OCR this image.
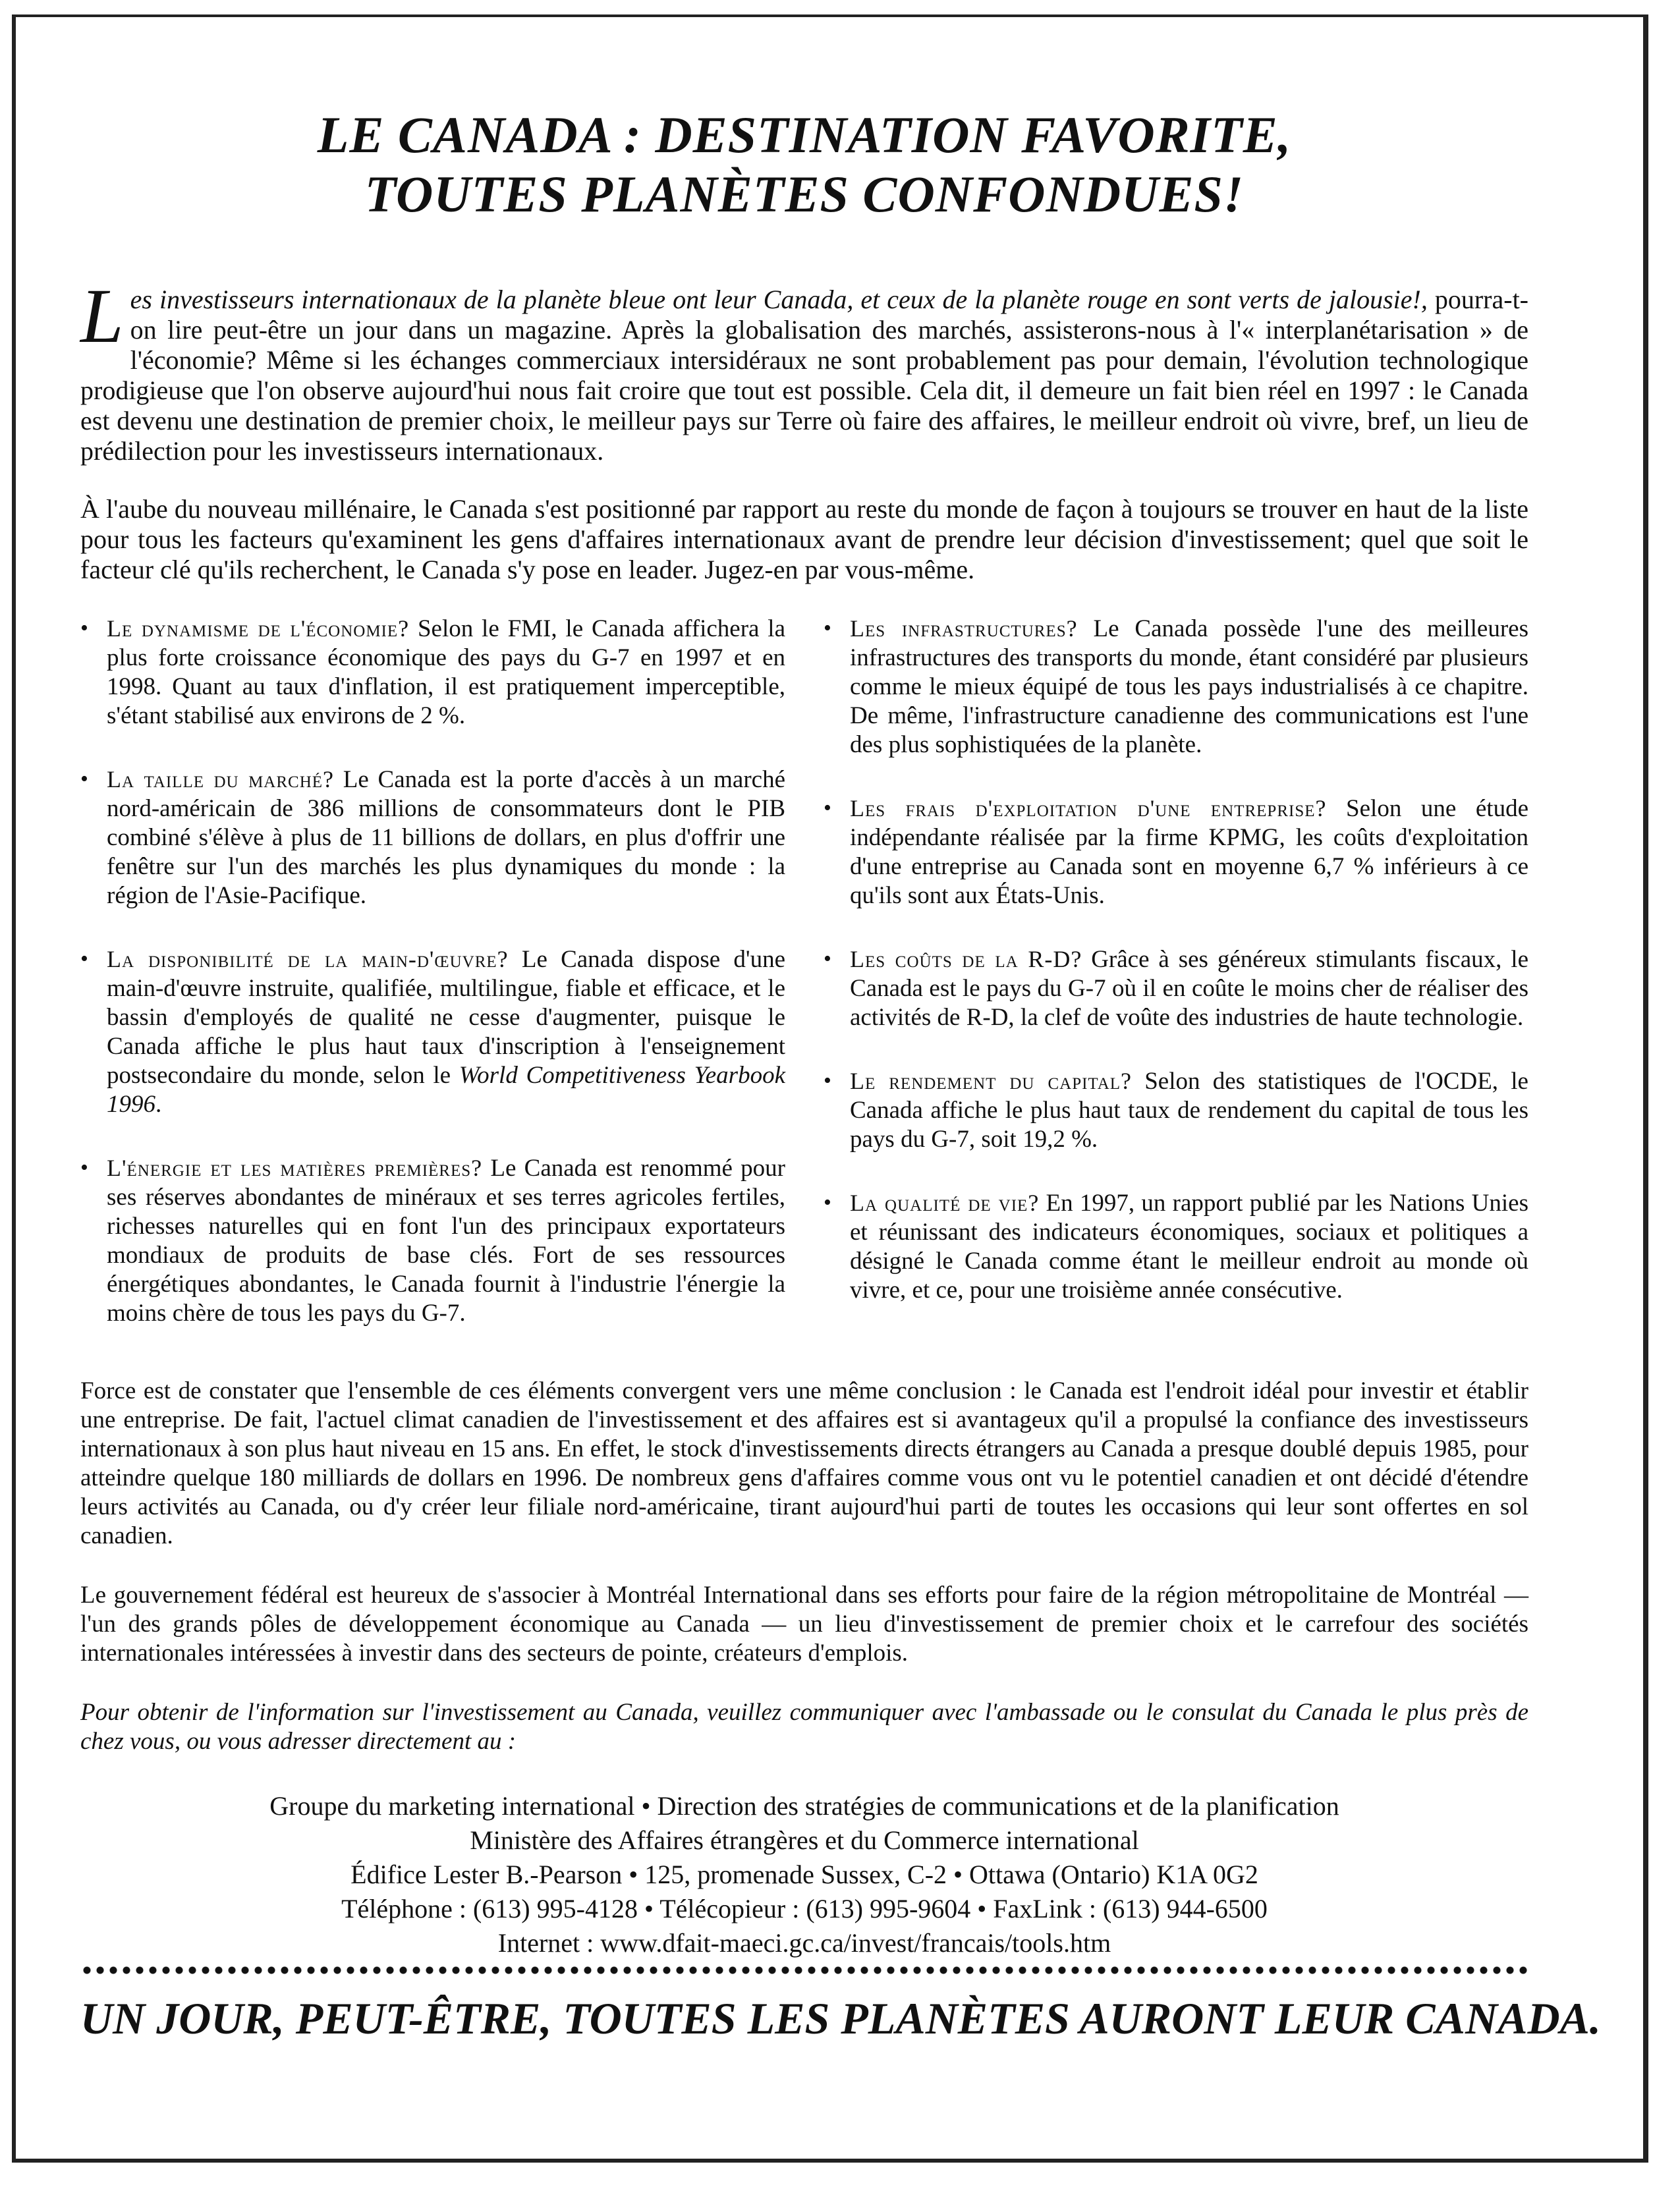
LE CANADA : DESTINATION FAVORITE,
TOUTES PLANÈTES CONFONDUES!

Les investisseurs internationaux de la planète bleue ont leur Canada, et ceux de la planète rouge en sont verts de jalousie!, pourra-t-on lire peut-être un jour dans un magazine. Après la globalisation des marchés, assisterons-nous à l'« interplanétarisation » de l'économie? Même si les échanges commerciaux intersidéraux ne sont probablement pas pour demain, l'évolution technologique prodigieuse que l'on observe aujourd'hui nous fait croire que tout est possible. Cela dit, il demeure un fait bien réel en 1997 : le Canada est devenu une destination de premier choix, le meilleur pays sur Terre où faire des affaires, le meilleur endroit où vivre, bref, un lieu de prédilection pour les investisseurs internationaux.

À l'aube du nouveau millénaire, le Canada s'est positionné par rapport au reste du monde de façon à toujours se trouver en haut de la liste pour tous les facteurs qu'examinent les gens d'affaires internationaux avant de prendre leur décision d'investissement; quel que soit le facteur clé qu'ils recherchent, le Canada s'y pose en leader. Jugez-en par vous-même.

• Le dynamisme de l'économie? Selon le FMI, le Canada affichera la plus forte croissance économique des pays du G-7 en 1997 et en 1998. Quant au taux d'inflation, il est pratiquement imperceptible, s'étant stabilisé aux environs de 2 %.
• La taille du marché? Le Canada est la porte d'accès à un marché nord-américain de 386 millions de consommateurs dont le PIB combiné s'élève à plus de 11 billions de dollars, en plus d'offrir une fenêtre sur l'un des marchés les plus dynamiques du monde : la région de l'Asie-Pacifique.
• La disponibilité de la main-d'œuvre? Le Canada dispose d'une main-d'œuvre instruite, qualifiée, multilingue, fiable et efficace, et le bassin d'employés de qualité ne cesse d'augmenter, puisque le Canada affiche le plus haut taux d'inscription à l'enseignement postsecondaire du monde, selon le World Competitiveness Yearbook 1996.
• L'énergie et les matières premières? Le Canada est renommé pour ses réserves abondantes de minéraux et ses terres agricoles fertiles, richesses naturelles qui en font l'un des principaux exportateurs mondiaux de produits de base clés. Fort de ses ressources énergétiques abondantes, le Canada fournit à l'industrie l'énergie la moins chère de tous les pays du G-7.
• Les infrastructures? Le Canada possède l'une des meilleures infrastructures des transports du monde, étant considéré par plusieurs comme le mieux équipé de tous les pays industrialisés à ce chapitre. De même, l'infrastructure canadienne des communications est l'une des plus sophistiquées de la planète.
• Les frais d'exploitation d'une entreprise? Selon une étude indépendante réalisée par la firme KPMG, les coûts d'exploitation d'une entreprise au Canada sont en moyenne 6,7 % inférieurs à ce qu'ils sont aux États-Unis.
• Les coûts de la R-D? Grâce à ses généreux stimulants fiscaux, le Canada est le pays du G-7 où il en coûte le moins cher de réaliser des activités de R-D, la clef de voûte des industries de haute technologie.
• Le rendement du capital? Selon des statistiques de l'OCDE, le Canada affiche le plus haut taux de rendement du capital de tous les pays du G-7, soit 19,2 %.
• La qualité de vie? En 1997, un rapport publié par les Nations Unies et réunissant des indicateurs économiques, sociaux et politiques a désigné le Canada comme étant le meilleur endroit au monde où vivre, et ce, pour une troisième année consécutive.

Force est de constater que l'ensemble de ces éléments convergent vers une même conclusion : le Canada est l'endroit idéal pour investir et établir une entreprise. De fait, l'actuel climat canadien de l'investissement et des affaires est si avantageux qu'il a propulsé la confiance des investisseurs internationaux à son plus haut niveau en 15 ans. En effet, le stock d'investissements directs étrangers au Canada a presque doublé depuis 1985, pour atteindre quelque 180 milliards de dollars en 1996. De nombreux gens d'affaires comme vous ont vu le potentiel canadien et ont décidé d'étendre leurs activités au Canada, ou d'y créer leur filiale nord-américaine, tirant aujourd'hui parti de toutes les occasions qui leur sont offertes en sol canadien.

Le gouvernement fédéral est heureux de s'associer à Montréal International dans ses efforts pour faire de la région métropolitaine de Montréal — l'un des grands pôles de développement économique au Canada — un lieu d'investissement de premier choix et le carrefour des sociétés internationales intéressées à investir dans des secteurs de pointe, créateurs d'emplois.

Pour obtenir de l'information sur l'investissement au Canada, veuillez communiquer avec l'ambassade ou le consulat du Canada le plus près de chez vous, ou vous adresser directement au :

Groupe du marketing international • Direction des stratégies de communications et de la planification
Ministère des Affaires étrangères et du Commerce international
Édifice Lester B.-Pearson • 125, promenade Sussex, C-2 • Ottawa (Ontario) K1A 0G2
Téléphone : (613) 995-4128 • Télécopieur : (613) 995-9604 • FaxLink : (613) 944-6500
Internet : www.dfait-maeci.gc.ca/invest/francais/tools.htm
UN JOUR, PEUT-ÊTRE, TOUTES LES PLANÈTES AURONT LEUR CANADA.
